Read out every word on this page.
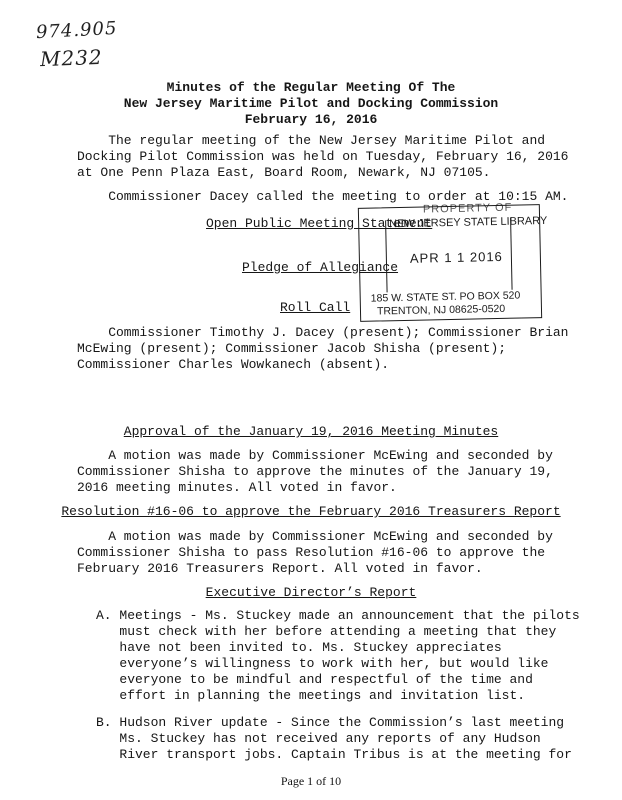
974.905
M232
Minutes of the Regular Meeting Of The
New Jersey Maritime Pilot and Docking Commission
February 16, 2016
The regular meeting of the New Jersey Maritime Pilot and
Docking Pilot Commission was held on Tuesday, February 16, 2016
at One Penn Plaza East, Board Room, Newark, NJ 07105.
Commissioner Dacey called the meeting to order at 10:15 AM.
Open Public Meeting Statement
Pledge of Allegiance
Roll Call
PROPERTY OF
NEW JERSEY STATE LIBRARY
APR 1 1 2016
185 W. STATE ST. PO BOX 520
TRENTON, NJ 08625-0520
Commissioner Timothy J. Dacey (present); Commissioner Brian
McEwing (present); Commissioner Jacob Shisha (present);
Commissioner Charles Wowkanech (absent).
Approval of the January 19, 2016 Meeting Minutes
A motion was made by Commissioner McEwing and seconded by
Commissioner Shisha to approve the minutes of the January 19,
2016 meeting minutes. All voted in favor.
Resolution #16-06 to approve the February 2016 Treasurers Report
A motion was made by Commissioner McEwing and seconded by
Commissioner Shisha to pass Resolution #16-06 to approve the
February 2016 Treasurers Report. All voted in favor.
Executive Director’s Report
A. Meetings - Ms. Stuckey made an announcement that the pilots
must check with her before attending a meeting that they
have not been invited to. Ms. Stuckey appreciates
everyone’s willingness to work with her, but would like
everyone to be mindful and respectful of the time and
effort in planning the meetings and invitation list.
B. Hudson River update - Since the Commission’s last meeting
Ms. Stuckey has not received any reports of any Hudson
River transport jobs. Captain Tribus is at the meeting for
Page 1 of 10
